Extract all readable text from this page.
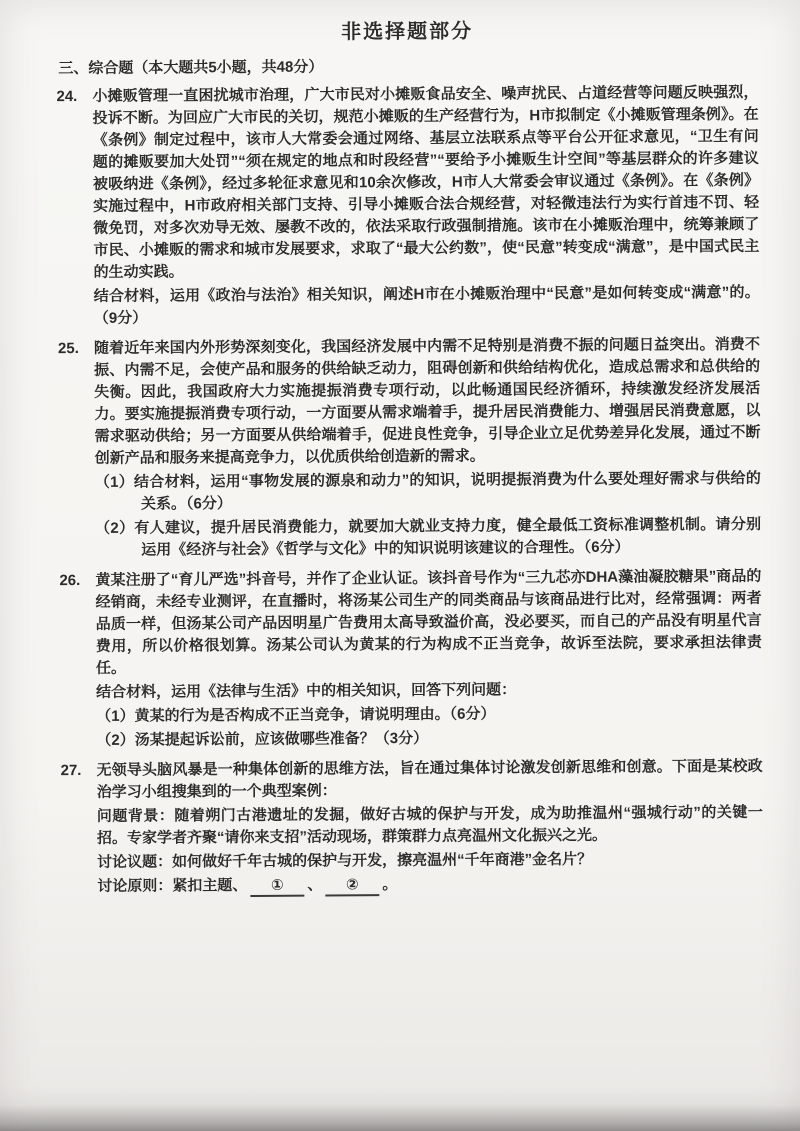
非选择题部分
三、综合题（本大题共5小题，共48分）
24. 小摊贩管理一直困扰城市治理，广大市民对小摊贩食品安全、噪声扰民、占道经营等问题反映强烈，投诉不断。为回应广大市民的关切，规范小摊贩的生产经营行为，H市拟制定《小摊贩管理条例》。在《条例》制定过程中，该市人大常委会通过网络、基层立法联系点等平台公开征求意见，“卫生有问题的摊贩要加大处罚”“须在规定的地点和时段经营”“要给予小摊贩生计空间”等基层群众的许多建议被吸纳进《条例》，经过多轮征求意见和10余次修改，H市人大常委会审议通过《条例》。在《条例》实施过程中，H市政府相关部门支持、引导小摊贩合法合规经营，对轻微违法行为实行首违不罚、轻微免罚，对多次劝导无效、屡教不改的，依法采取行政强制措施。该市在小摊贩治理中，统筹兼顾了市民、小摊贩的需求和城市发展要求，求取了“最大公约数”，使“民意”转变成“满意”，是中国式民主的生动实践。

结合材料，运用《政治与法治》相关知识，阐述H市在小摊贩治理中“民意”是如何转变成“满意”的。（9分）

25. 随着近年来国内外形势深刻变化，我国经济发展中内需不足特别是消费不振的问题日益突出。消费不振、内需不足，会使产品和服务的供给缺乏动力，阻碍创新和供给结构优化，造成总需求和总供给的失衡。因此，我国政府大力实施提振消费专项行动，以此畅通国民经济循环，持续激发经济发展活力。要实施提振消费专项行动，一方面要从需求端着手，提升居民消费能力、增强居民消费意愿，以需求驱动供给；另一方面要从供给端着手，促进良性竞争，引导企业立足优势差异化发展，通过不断创新产品和服务来提高竞争力，以优质供给创造新的需求。

（1）结合材料，运用“事物发展的源泉和动力”的知识，说明提振消费为什么要处理好需求与供给的关系。（6分）

（2）有人建议，提升居民消费能力，就要加大就业支持力度，健全最低工资标准调整机制。请分别运用《经济与社会》《哲学与文化》中的知识说明该建议的合理性。（6分）

26. 黄某注册了“育儿严选”抖音号，并作了企业认证。该抖音号作为“三九芯亦DHA藻油凝胶糖果”商品的经销商，未经专业测评，在直播时，将汤某公司生产的同类商品与该商品进行比对，经常强调：两者品质一样，但汤某公司产品因明星广告费用太高导致溢价高，没必要买，而自己的产品没有明星代言费用，所以价格很划算。汤某公司认为黄某的行为构成不正当竞争，故诉至法院，要求承担法律责任。

结合材料，运用《法律与生活》中的相关知识，回答下列问题：

（1）黄某的行为是否构成不正当竞争，请说明理由。（6分）

（2）汤某提起诉讼前，应该做哪些准备？（3分）

27. 无领导头脑风暴是一种集体创新的思维方法，旨在通过集体讨论激发创新思维和创意。下面是某校政治学习小组搜集到的一个典型案例：

问题背景：随着朔门古港遗址的发掘，做好古城的保护与开发，成为助推温州“强城行动”的关键一招。专家学者齐聚“请你来支招”活动现场，群策群力点亮温州文化振兴之光。

讨论议题：如何做好千年古城的保护与开发，擦亮温州“千年商港”金名片？

讨论原则：紧扣主题、 ① 、 ② 。
